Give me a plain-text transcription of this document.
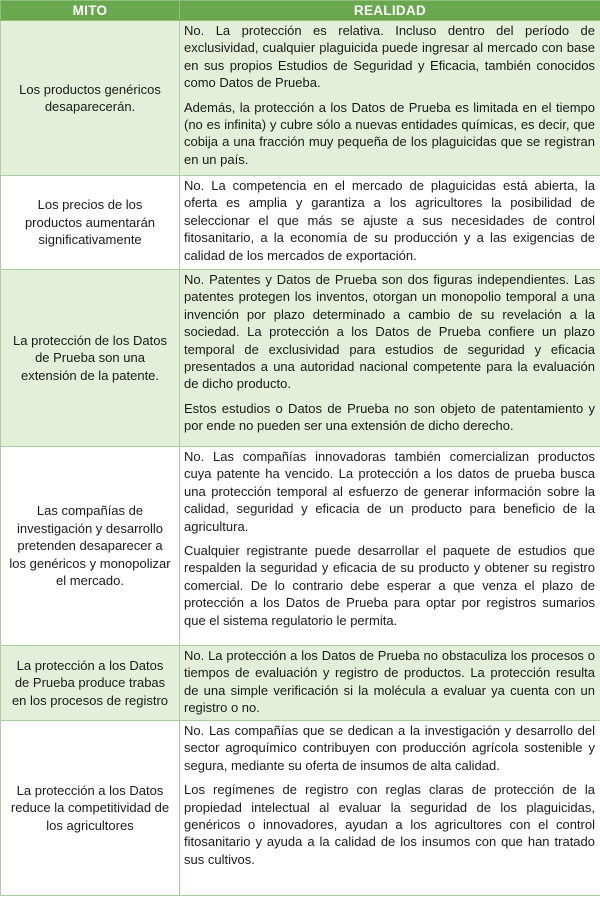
MITO	REALIDAD
Los productos genéricos desaparecerán.	No. La protección es relativa. Incluso dentro del período de exclusividad, cualquier plaguicida puede ingresar al mercado con base en sus propios Estudios de Seguridad y Eficacia, también conocidos como Datos de Prueba.

Además, la protección a los Datos de Prueba es limitada en el tiempo (no es infinita) y cubre sólo a nuevas entidades químicas, es decir, que cobija a una fracción muy pequeña de los plaguicidas que se registran en un país.

Los precios de los productos aumentarán significativamente	No. La competencia en el mercado de plaguicidas está abierta, la oferta es amplia y garantiza a los agricultores la posibilidad de seleccionar el que más se ajuste a sus necesidades de control fitosanitario, a la economía de su producción y a las exigencias de calidad de los mercados de exportación.

La protección de los Datos de Prueba son una extensión de la patente.	No. Patentes y Datos de Prueba son dos figuras independientes. Las patentes protegen los inventos, otorgan un monopolio temporal a una invención por plazo determinado a cambio de su revelación a la sociedad. La protección a los Datos de Prueba confiere un plazo temporal de exclusividad para estudios de seguridad y eficacia presentados a una autoridad nacional competente para la evaluación de dicho producto.

Estos estudios o Datos de Prueba no son objeto de patentamiento y por ende no pueden ser una extensión de dicho derecho.

Las compañías de investigación y desarrollo pretenden desaparecer a los genéricos y monopolizar el mercado.	No. Las compañías innovadoras también comercializan productos cuya patente ha vencido. La protección a los datos de prueba busca una protección temporal al esfuerzo de generar información sobre la calidad, seguridad y eficacia de un producto para beneficio de la agricultura.

Cualquier registrante puede desarrollar el paquete de estudios que respalden la seguridad y eficacia de su producto y obtener su registro comercial. De lo contrario debe esperar a que venza el plazo de protección a los Datos de Prueba para optar por registros sumarios que el sistema regulatorio le permita.

La protección a los Datos de Prueba produce trabas en los procesos de registro	No. La protección a los Datos de Prueba no obstaculiza los procesos o tiempos de evaluación y registro de productos. La protección resulta de una simple verificación si la molécula a evaluar ya cuenta con un registro o no.

La protección a los Datos reduce la competitividad de los agricultores	No. Las compañías que se dedican a la investigación y desarrollo del sector agroquímico contribuyen con producción agrícola sostenible y segura, mediante su oferta de insumos de alta calidad.

Los regímenes de registro con reglas claras de protección de la propiedad intelectual al evaluar la seguridad de los plaguicidas, genéricos o innovadores, ayudan a los agricultores con el control fitosanitario y ayuda a la calidad de los insumos con que han tratado sus cultivos.
